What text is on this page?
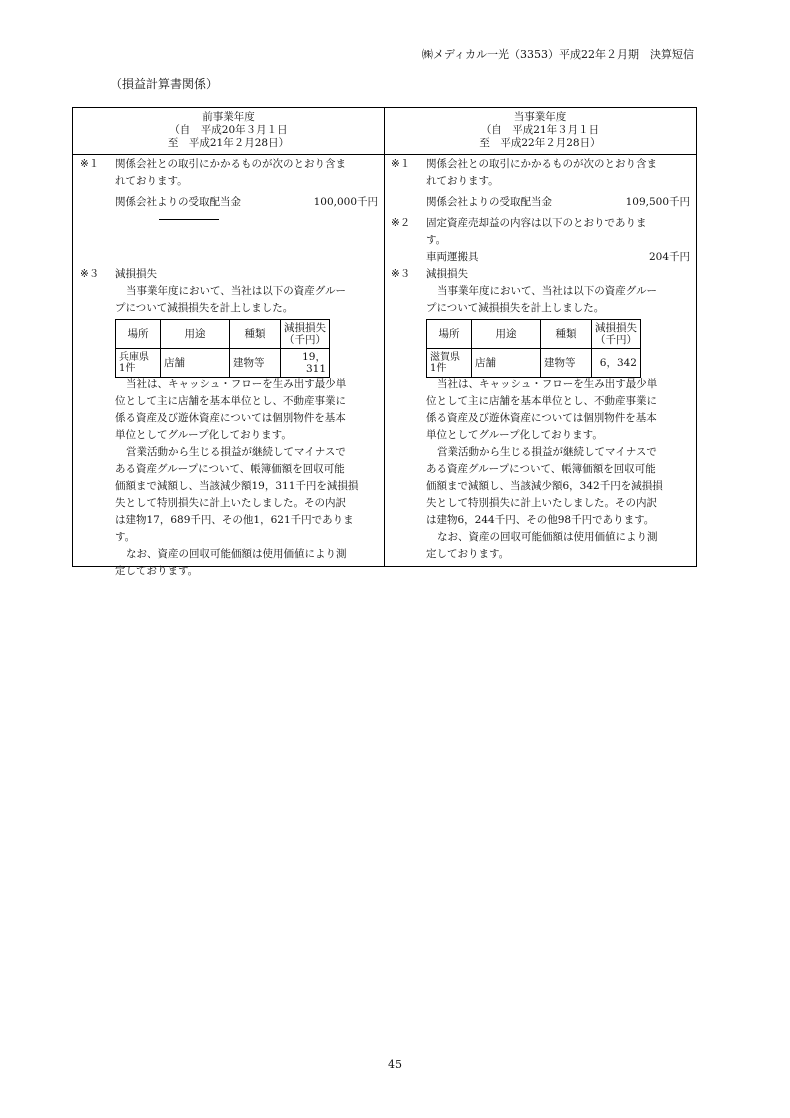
㈱メディカル一光（3353）平成22年２月期　決算短信
（損益計算書関係）
前事業年度
（自　平成20年３月１日
至　平成21年２月28日）
※１ 関係会社との取引にかかるものが次のとおり含ま
れております。
関係会社よりの受取配当金	100,000千円
※３ 減損損失
当事業年度において、当社は以下の資産グルー
プについて減損損失を計上しました。
場所	用途	種類	減損損失
（千円）
兵庫県
1件	店舗	建物等	19，311
当社は、キャッシュ・フローを生み出す最少単
位として主に店舗を基本単位とし、不動産事業に
係る資産及び遊休資産については個別物件を基本
単位としてグループ化しております。
営業活動から生じる損益が継続してマイナスで
ある資産グループについて、帳簿価額を回収可能
価額まで減額し、当該減少額19，311千円を減損損
失として特別損失に計上いたしました。その内訳
は建物17，689千円、その他1，621千円でありま
す。
なお、資産の回収可能価額は使用価値により測
定しております。
当事業年度
（自　平成21年３月１日
至　平成22年２月28日）
※１ 関係会社との取引にかかるものが次のとおり含ま
れております。
関係会社よりの受取配当金	109,500千円
※２ 固定資産売却益の内容は以下のとおりでありま
す。
車両運搬具	204千円
※３ 減損損失
当事業年度において、当社は以下の資産グルー
プについて減損損失を計上しました。
場所	用途	種類	減損損失
（千円）
滋賀県
1件	店舗	建物等	6，342
当社は、キャッシュ・フローを生み出す最少単
位として主に店舗を基本単位とし、不動産事業に
係る資産及び遊休資産については個別物件を基本
単位としてグループ化しております。
営業活動から生じる損益が継続してマイナスで
ある資産グループについて、帳簿価額を回収可能
価額まで減額し、当該減少額6，342千円を減損損
失として特別損失に計上いたしました。その内訳
は建物6，244千円、その他98千円であります。
なお、資産の回収可能価額は使用価値により測
定しております。
45
